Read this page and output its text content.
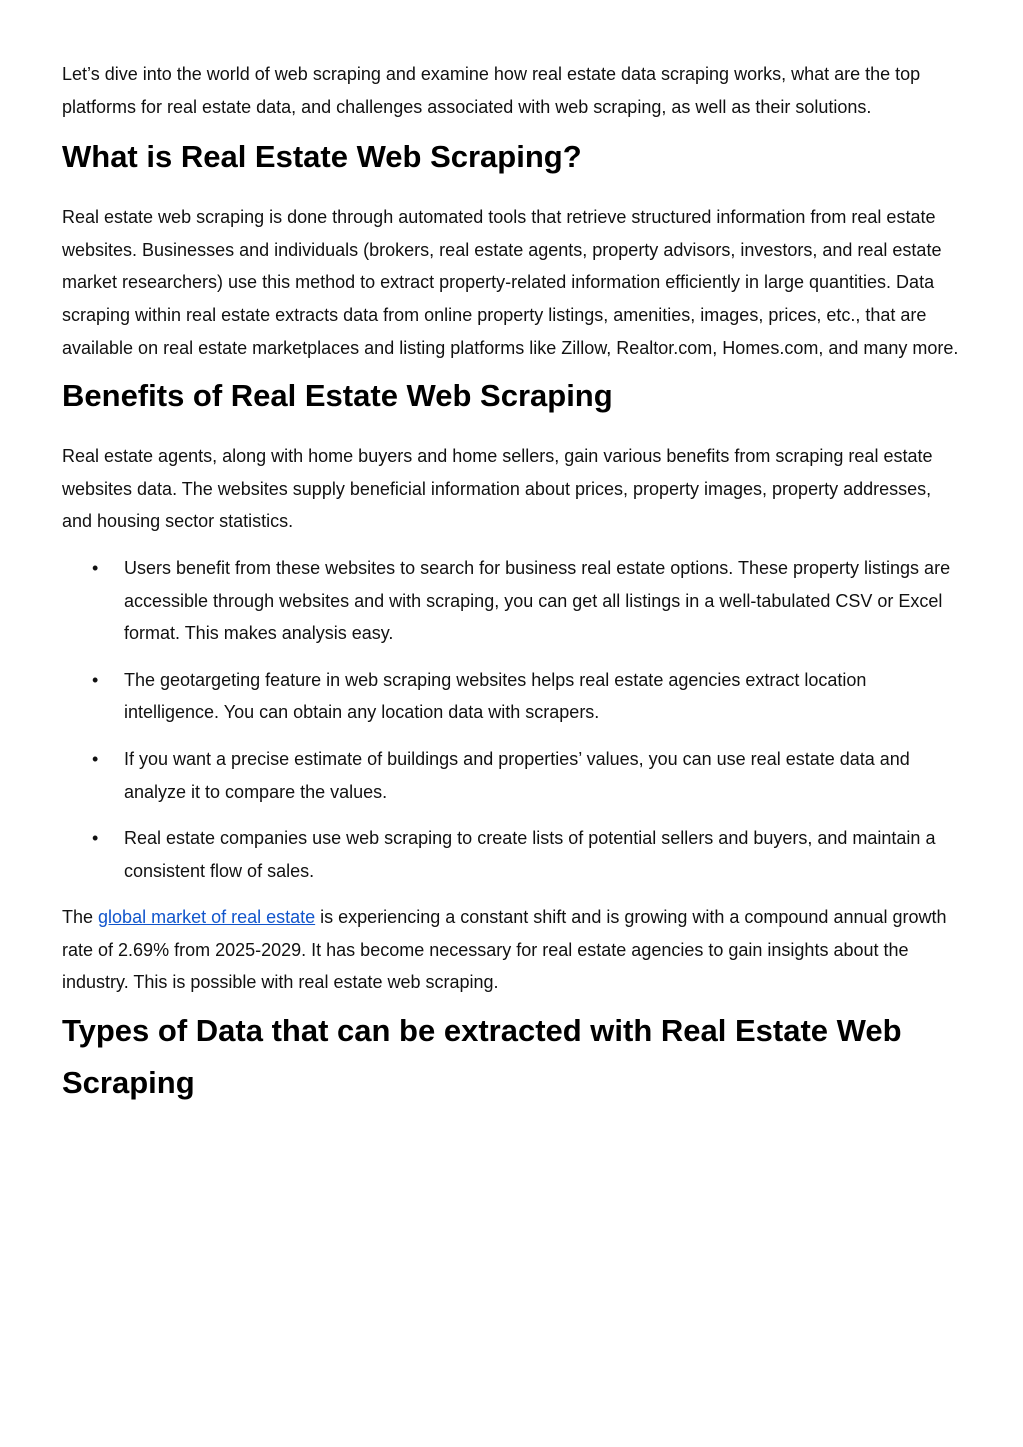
Let’s dive into the world of web scraping and examine how real estate data scraping works, what are the top platforms for real estate data, and challenges associated with web scraping, as well as their solutions.

What is Real Estate Web Scraping?

Real estate web scraping is done through automated tools that retrieve structured information from real estate websites. Businesses and individuals (brokers, real estate agents, property advisors, investors, and real estate market researchers) use this method to extract property-related information efficiently in large quantities. Data scraping within real estate extracts data from online property listings, amenities, images, prices, etc., that are available on real estate marketplaces and listing platforms like Zillow, Realtor.com, Homes.com, and many more.

Benefits of Real Estate Web Scraping

Real estate agents, along with home buyers and home sellers, gain various benefits from scraping real estate websites data. The websites supply beneficial information about prices, property images, property addresses, and housing sector statistics.

• Users benefit from these websites to search for business real estate options. These property listings are accessible through websites and with scraping, you can get all listings in a well-tabulated CSV or Excel format. This makes analysis easy.
• The geotargeting feature in web scraping websites helps real estate agencies extract location intelligence. You can obtain any location data with scrapers.
• If you want a precise estimate of buildings and properties’ values, you can use real estate data and analyze it to compare the values.
• Real estate companies use web scraping to create lists of potential sellers and buyers, and maintain a consistent flow of sales.

The global market of real estate is experiencing a constant shift and is growing with a compound annual growth rate of 2.69% from 2025-2029. It has become necessary for real estate agencies to gain insights about the industry. This is possible with real estate web scraping.

Types of Data that can be extracted with Real Estate Web Scraping
